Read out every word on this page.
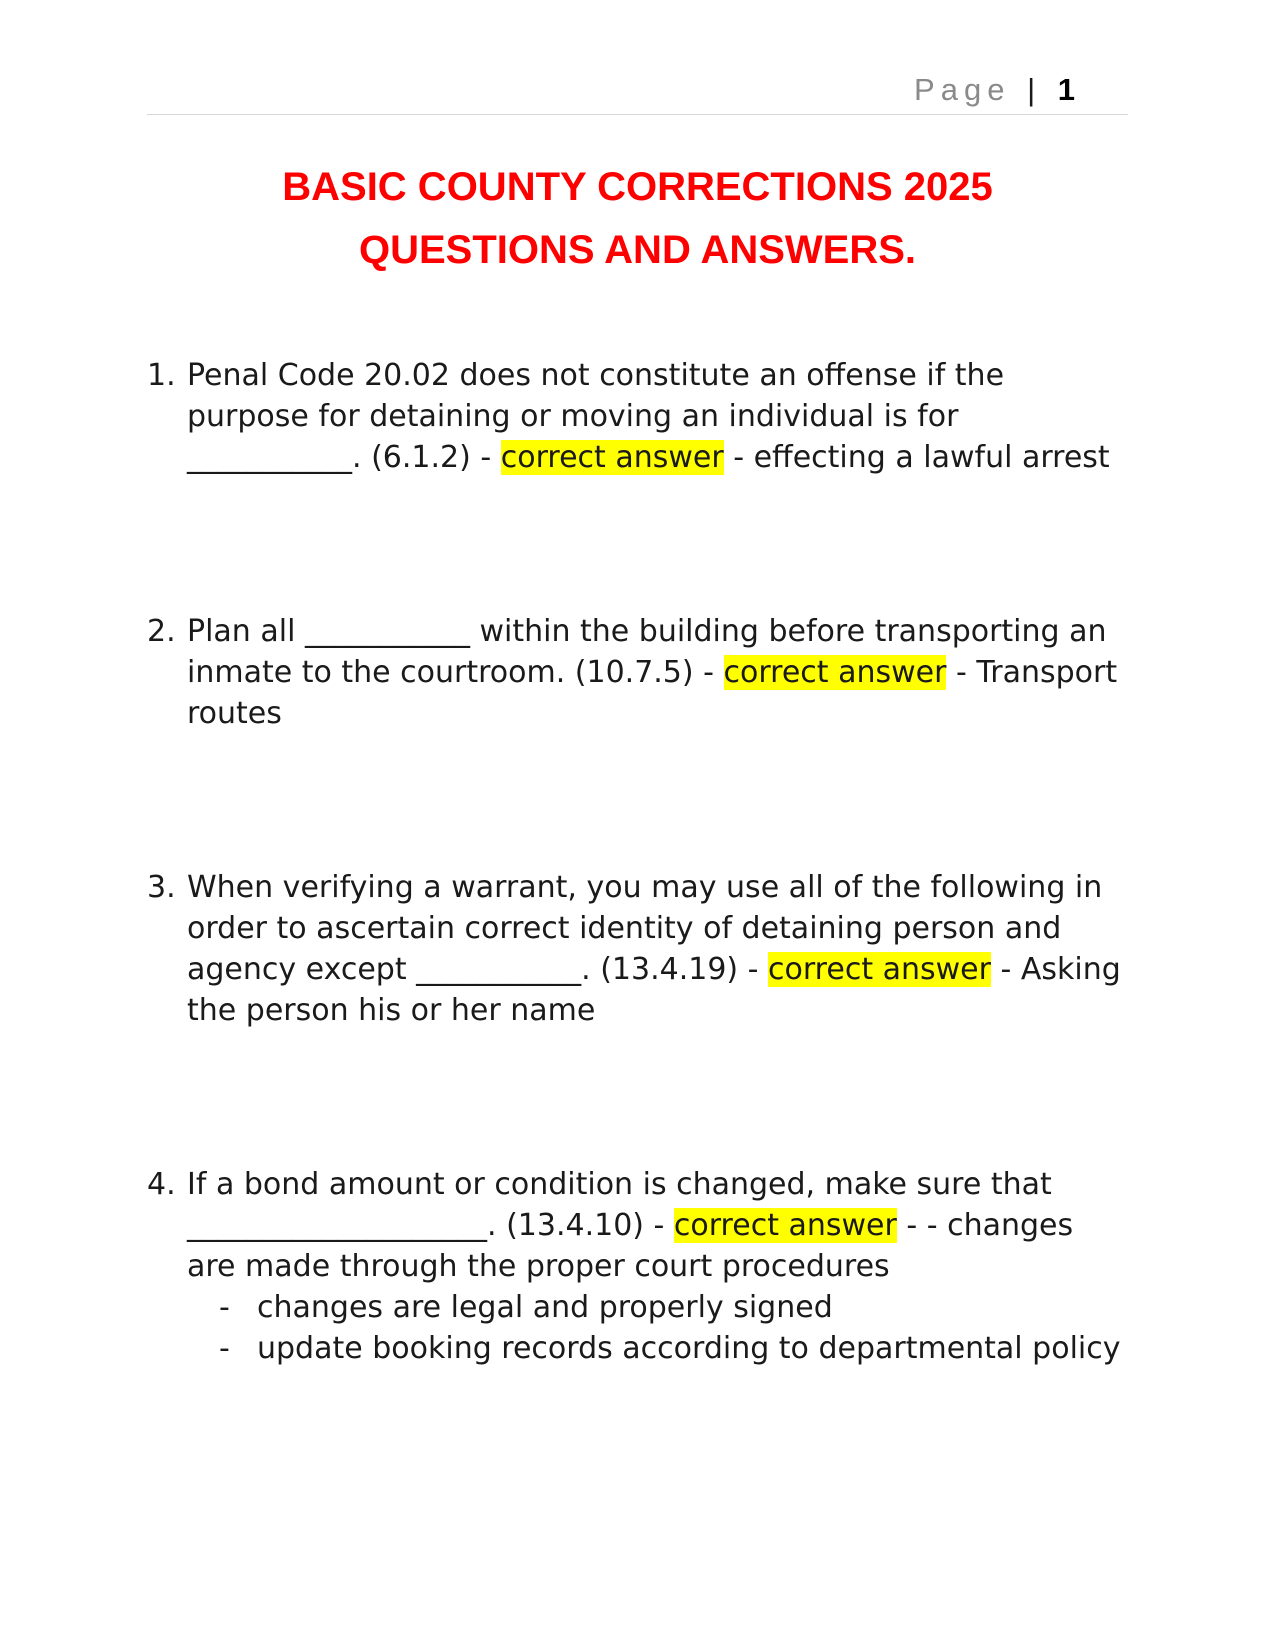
Page | 1
BASIC COUNTY CORRECTIONS 2025
QUESTIONS AND ANSWERS.
1. Penal Code 20.02 does not constitute an offense if the purpose for detaining or moving an individual is for ___________. (6.1.2) - correct answer - effecting a lawful arrest
2. Plan all ___________ within the building before transporting an inmate to the courtroom. (10.7.5) - correct answer - Transport routes
3. When verifying a warrant, you may use all of the following in order to ascertain correct identity of detaining person and agency except ___________. (13.4.19) - correct answer - Asking the person his or her name
4. If a bond amount or condition is changed, make sure that ____________________. (13.4.10) - correct answer - - changes are made through the proper court procedures
- changes are legal and properly signed
- update booking records according to departmental policy
